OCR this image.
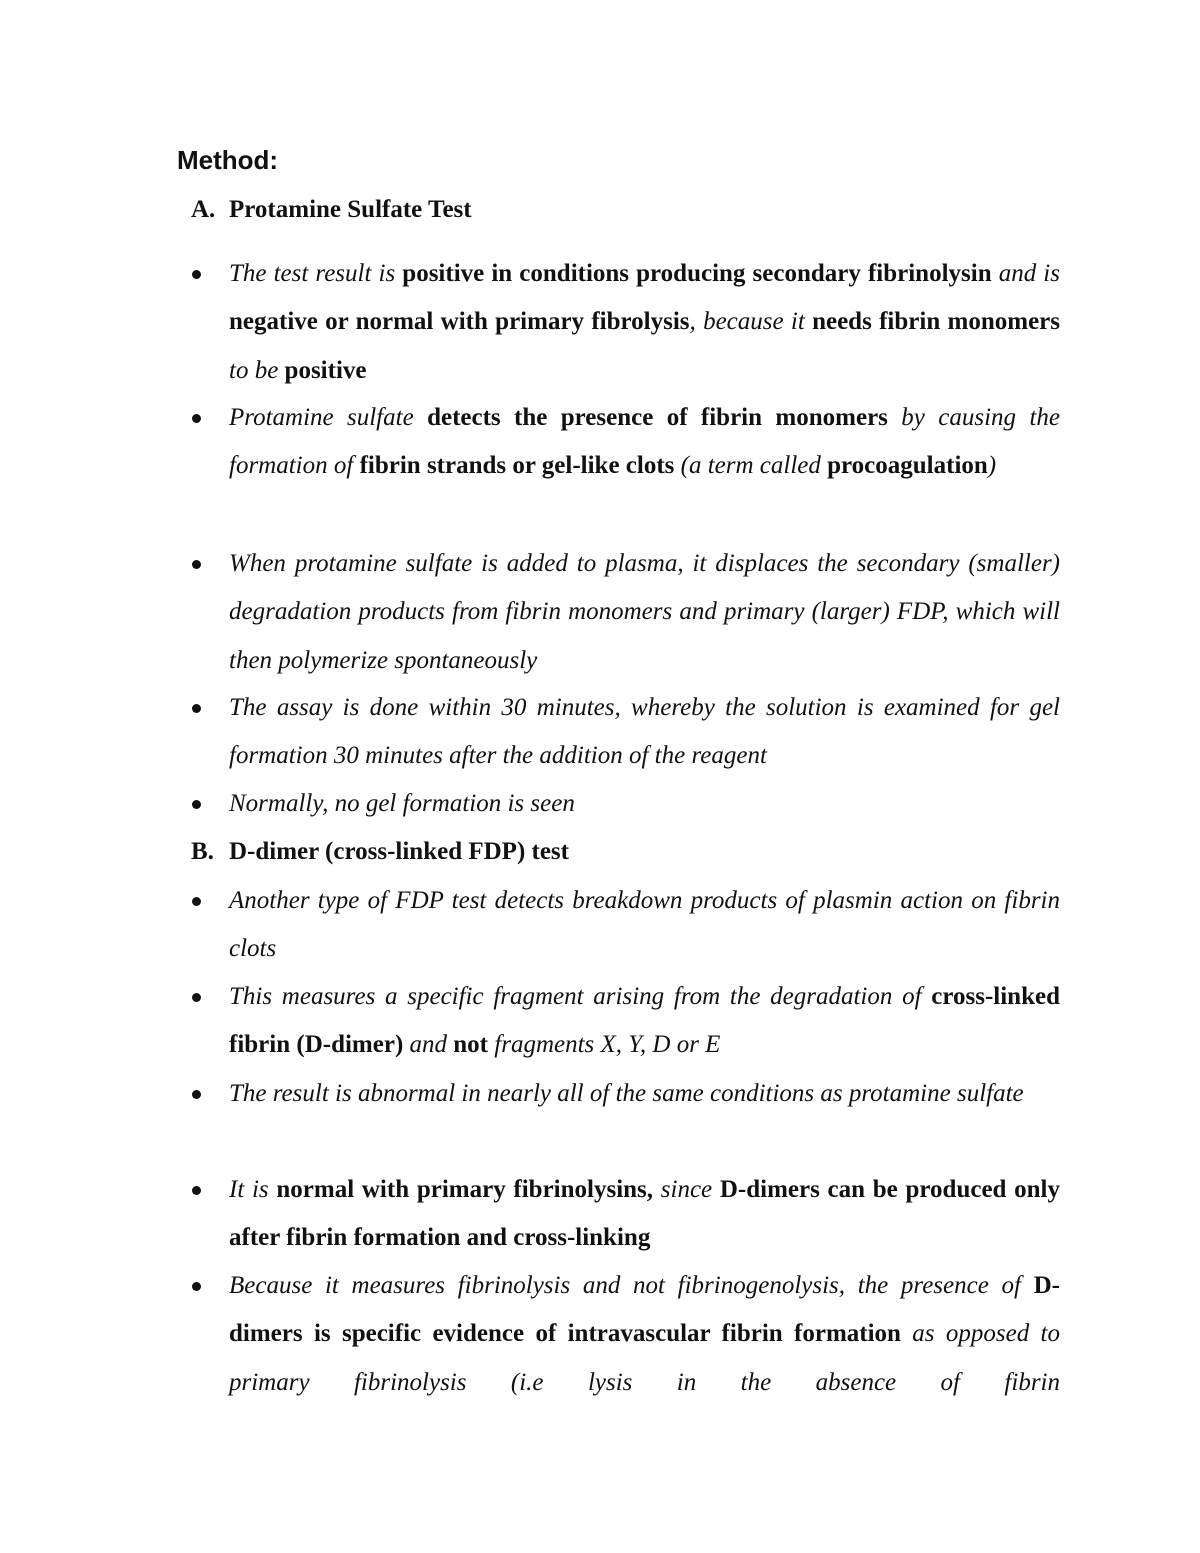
Method:
A. Protamine Sulfate Test
The test result is positive in conditions producing secondary fibrinolysin and is negative or normal with primary fibrolysis, because it needs fibrin monomers to be positive
Protamine sulfate detects the presence of fibrin monomers by causing the formation of fibrin strands or gel-like clots (a term called procoagulation)
When protamine sulfate is added to plasma, it displaces the secondary (smaller) degradation products from fibrin monomers and primary (larger) FDP, which will then polymerize spontaneously
The assay is done within 30 minutes, whereby the solution is examined for gel formation 30 minutes after the addition of the reagent
Normally, no gel formation is seen
B. D-dimer (cross-linked FDP) test
Another type of FDP test detects breakdown products of plasmin action on fibrin clots
This measures a specific fragment arising from the degradation of cross-linked fibrin (D-dimer) and not fragments X, Y, D or E
The result is abnormal in nearly all of the same conditions as protamine sulfate
It is normal with primary fibrinolysins, since D-dimers can be produced only after fibrin formation and cross-linking
Because it measures fibrinolysis and not fibrinogenolysis, the presence of D- dimers is specific evidence of intravascular fibrin formation as opposed to primary fibrinolysis (i.e lysis in the absence of fibrin
